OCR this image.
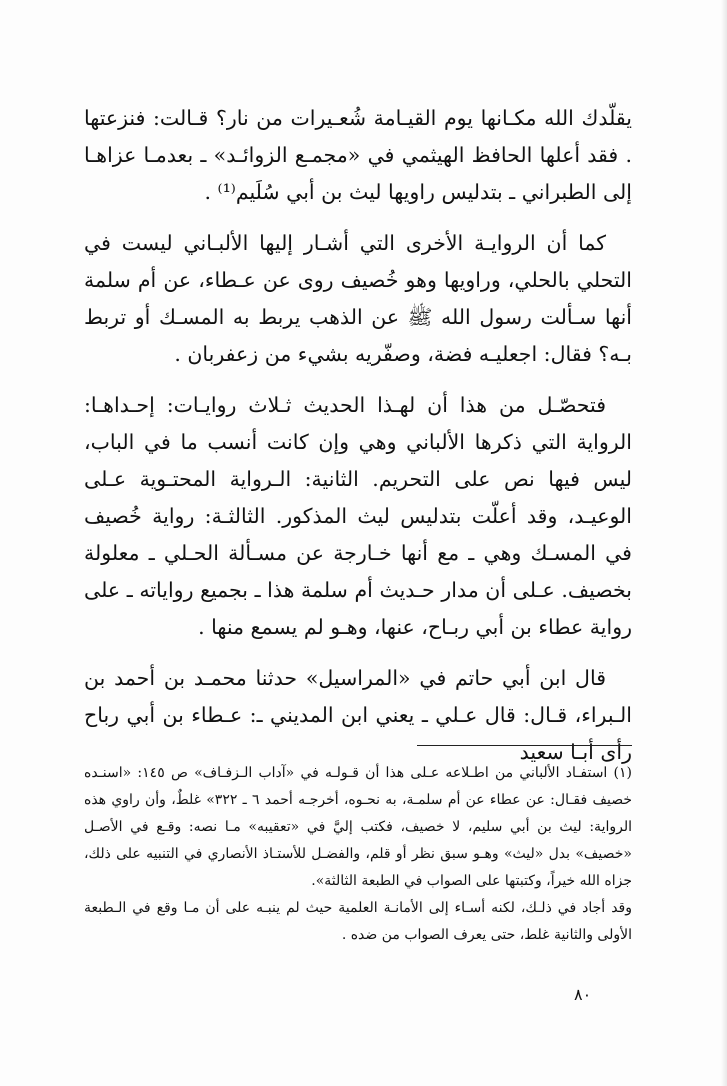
يقلّدك الله مكـانها يوم القيـامة شُعـيرات من نار؟ قـالت: فنزعتها . فقد أعلها الحافظ الهيثمي في «مجمـع الزوائـد» ـ بعدمـا عزاهـا إلى الطبراني ـ بتدليس راويها ليث بن أبي سُلَيم⁽¹⁾ .

كما أن الروايـة الأخرى التي أشـار إليها الألبـاني ليست في التحلي بالحلي، وراويها وهو خُصيف روى عن عـطاء، عن أم سلمة أنها سـألت رسول الله ﷺ عن الذهب يربط به المسـك أو تربط بـه؟ فقال: اجعليـه فضة، وصفّريه بشيء من زعفربان .

فتحصّـل من هذا أن لهـذا الحديث ثـلاث روايـات: إحـداهـا: الرواية التي ذكرها الألباني وهي وإن كانت أنسب ما في الباب، ليس فيها نص على التحريم. الثانية: الـرواية المحتـوية عـلى الوعيـد، وقد أعلّت بتدليس ليث المذكور. الثالثـة: رواية خُصيف في المسـك وهي ـ مع أنها خـارجة عن مسـألة الحـلي ـ معلولة بخصيف. عـلى أن مدار حـديث أم سلمة هذا ـ بجميع رواياته ـ على رواية عطاء بن أبي ربـاح، عنها، وهـو لم يسمع منها .

قال ابن أبي حاتم في «المراسيل» حدثنا محمـد بن أحمد بن الـبراء، قـال: قال عـلي ـ يعني ابن المديني ـ: عـطاء بن أبي رباح رأى أبـا سعيد

(١) استفـاد الألباني من اطـلاعه عـلى هذا أن قـولـه في «آداب الـزفـاف» ص ١٤٥: «اسنـده خصيف فقـال: عن عطاء عن أم سلمـة، به نحـوه، أخرجـه أحمد ٦ ـ ٣٢٢» غلطٌ، وأن راوي هذه الرواية: ليث بن أبي سليم، لا خصيف، فكتب إليَّ في «تعقيبه» مـا نصه: وقـع في الأصـل «خصيف» بدل «ليث» وهـو سبق نظر أو قلم، والفضـل للأستـاذ الأنصاري في التنبيه على ذلك، جزاه الله خيراً، وكتبتها على الصواب في الطبعة الثالثة».

وقد أجاد في ذلـك، لكنه أسـاء إلى الأمانـة العلمية حيث لم ينبـه على أن مـا وقع في الـطبعة الأولى والثانية غلط، حتى يعرف الصواب من ضده .

٨٠
